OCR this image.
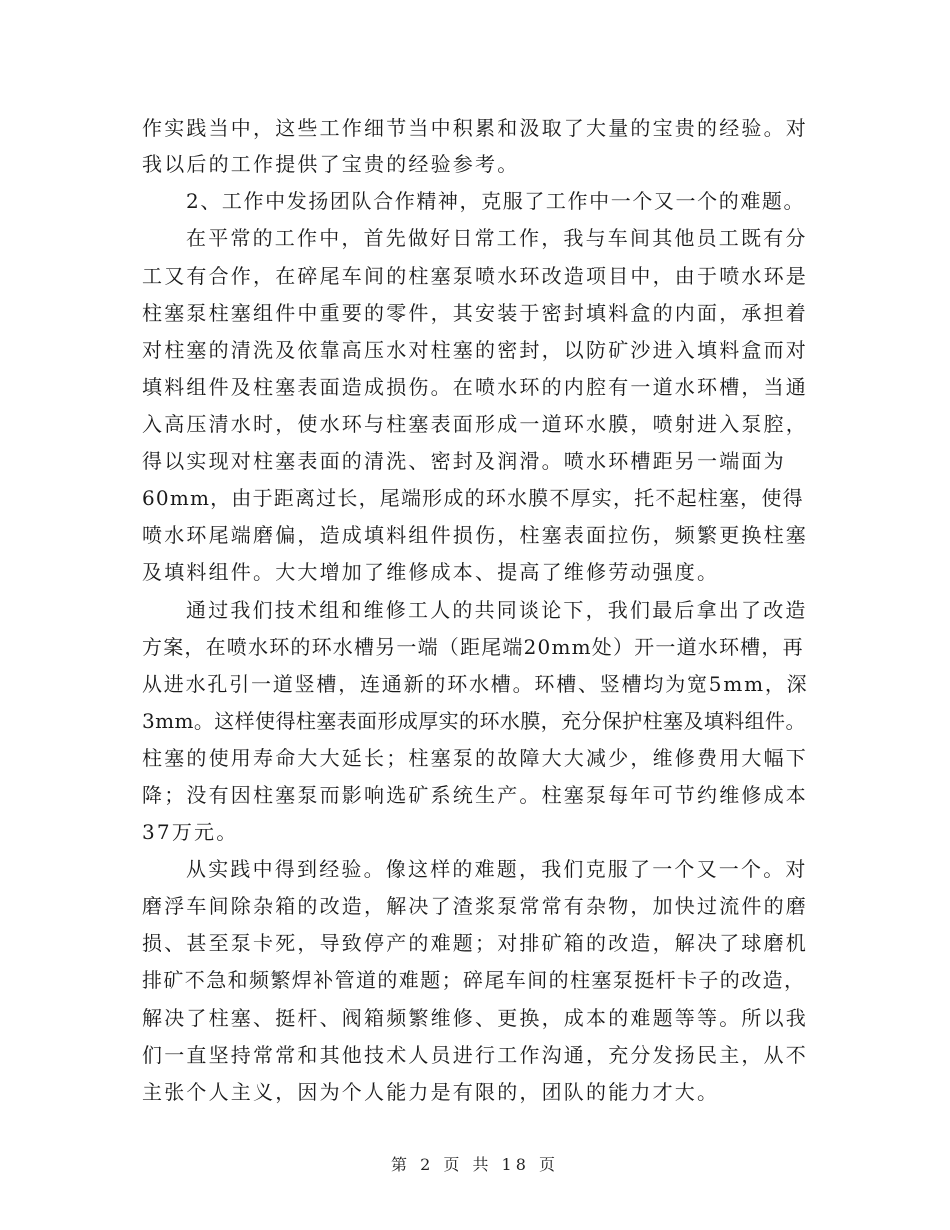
作实践当中，这些工作细节当中积累和汲取了大量的宝贵的经验。对
我以后的工作提供了宝贵的经验参考。
2、工作中发扬团队合作精神，克服了工作中一个又一个的难题。
在平常的工作中，首先做好日常工作，我与车间其他员工既有分
工又有合作，在碎尾车间的柱塞泵喷水环改造项目中，由于喷水环是
柱塞泵柱塞组件中重要的零件，其安装于密封填料盒的内面，承担着
对柱塞的清洗及依靠高压水对柱塞的密封，以防矿沙进入填料盒而对
填料组件及柱塞表面造成损伤。在喷水环的内腔有一道水环槽，当通
入高压清水时，使水环与柱塞表面形成一道环水膜，喷射进入泵腔，
得以实现对柱塞表面的清洗、密封及润滑。喷水环槽距另一端面为
60mm，由于距离过长，尾端形成的环水膜不厚实，托不起柱塞，使得
喷水环尾端磨偏，造成填料组件损伤，柱塞表面拉伤，频繁更换柱塞
及填料组件。大大增加了维修成本、提高了维修劳动强度。
通过我们技术组和维修工人的共同谈论下，我们最后拿出了改造
方案，在喷水环的环水槽另一端（距尾端20mm处）开一道水环槽，再
从进水孔引一道竖槽，连通新的环水槽。环槽、竖槽均为宽5mm，深
3mm。这样使得柱塞表面形成厚实的环水膜，充分保护柱塞及填料组件。
柱塞的使用寿命大大延长；柱塞泵的故障大大减少，维修费用大幅下
降；没有因柱塞泵而影响选矿系统生产。柱塞泵每年可节约维修成本
37万元。
从实践中得到经验。像这样的难题，我们克服了一个又一个。对
磨浮车间除杂箱的改造，解决了渣浆泵常常有杂物，加快过流件的磨
损、甚至泵卡死，导致停产的难题；对排矿箱的改造，解决了球磨机
排矿不急和频繁焊补管道的难题；碎尾车间的柱塞泵挺杆卡子的改造，
解决了柱塞、挺杆、阀箱频繁维修、更换，成本的难题等等。所以我
们一直坚持常常和其他技术人员进行工作沟通，充分发扬民主，从不
主张个人主义，因为个人能力是有限的，团队的能力才大。
第 2 页 共 18 页
